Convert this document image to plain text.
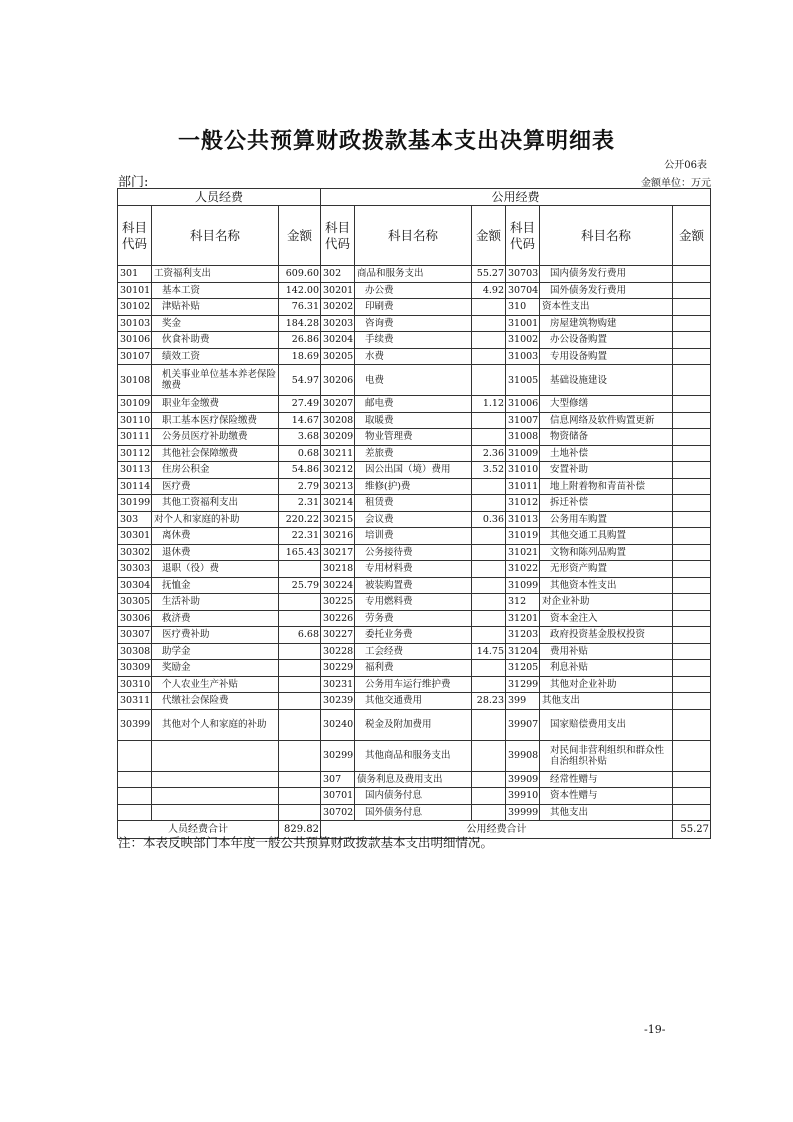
一般公共预算财政拨款基本支出决算明细表
公开06表
部门:	金额单位：万元
人员经费			公用经费					
科目代码	科目名称	金额	科目代码	科目名称	金额	科目代码	科目名称	金额
301	工资福利支出	609.60	302	商品和服务支出	55.27	30703	国内债务发行费用	
30101	基本工资	142.00	30201	办公费	4.92	30704	国外债务发行费用	
30102	津贴补贴	76.31	30202	印刷费		310	资本性支出	
30103	奖金	184.28	30203	咨询费		31001	房屋建筑物购建	
30106	伙食补助费	26.86	30204	手续费		31002	办公设备购置	
30107	绩效工资	18.69	30205	水费		31003	专用设备购置	
30108	机关事业单位基本养老保险缴费	54.97	30206	电费		31005	基础设施建设	
30109	职业年金缴费	27.49	30207	邮电费	1.12	31006	大型修缮	
30110	职工基本医疗保险缴费	14.67	30208	取暖费		31007	信息网络及软件购置更新	
30111	公务员医疗补助缴费	3.68	30209	物业管理费		31008	物资储备	
30112	其他社会保障缴费	0.68	30211	差旅费	2.36	31009	土地补偿	
30113	住房公积金	54.86	30212	因公出国（境）费用	3.52	31010	安置补助	
30114	医疗费	2.79	30213	维修(护)费		31011	地上附着物和青苗补偿	
30199	其他工资福利支出	2.31	30214	租赁费		31012	拆迁补偿	
303	对个人和家庭的补助	220.22	30215	会议费	0.36	31013	公务用车购置	
30301	离休费	22.31	30216	培训费		31019	其他交通工具购置	
30302	退休费	165.43	30217	公务接待费		31021	文物和陈列品购置	
30303	退职（役）费		30218	专用材料费		31022	无形资产购置	
30304	抚恤金	25.79	30224	被装购置费		31099	其他资本性支出	
30305	生活补助		30225	专用燃料费		312	对企业补助	
30306	救济费		30226	劳务费		31201	资本金注入	
30307	医疗费补助	6.68	30227	委托业务费		31203	政府投资基金股权投资	
30308	助学金		30228	工会经费	14.75	31204	费用补贴	
30309	奖励金		30229	福利费		31205	利息补贴	
30310	个人农业生产补贴		30231	公务用车运行维护费		31299	其他对企业补助	
30311	代缴社会保险费		30239	其他交通费用	28.23	399	其他支出	
30399	其他对个人和家庭的补助		30240	税金及附加费用		39907	国家赔偿费用支出	
			30299	其他商品和服务支出		39908	对民间非营利组织和群众性自治组织补贴	
			307	债务利息及费用支出		39909	经常性赠与	
			30701	国内债务付息		39910	资本性赠与	
			30702	国外债务付息		39999	其他支出	
人员经费合计		829.82	公用经费合计					55.27
注：本表反映部门本年度一般公共预算财政拨款基本支出明细情况。
-19-
